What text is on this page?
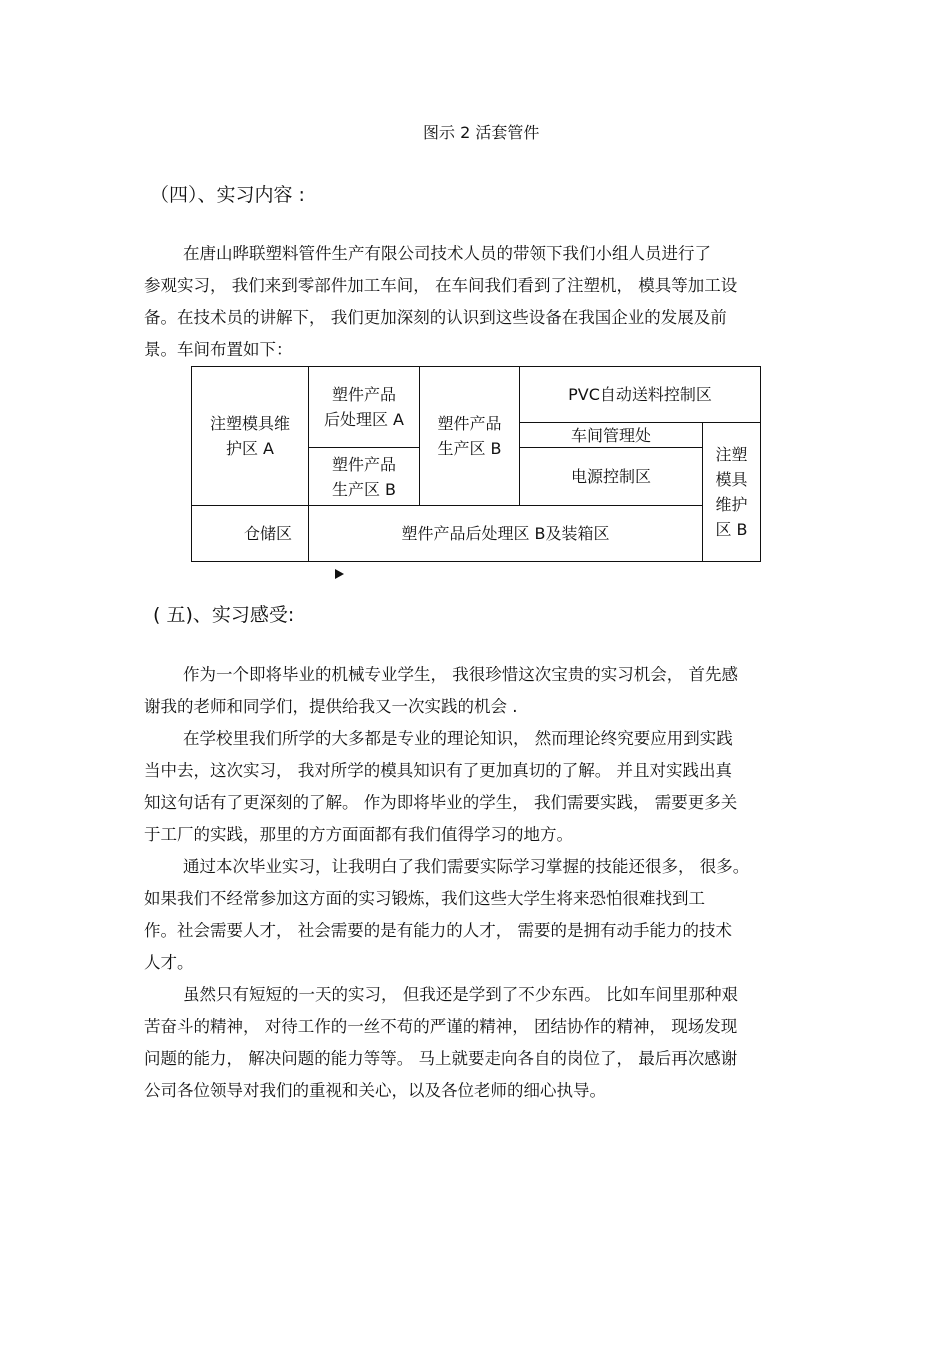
图示 2 活套管件
（四）、实习内容 :
在唐山晔联塑料管件生产有限公司技术人员的带领下我们小组人员进行了
参观实习， 我们来到零部件加工车间， 在车间我们看到了注塑机， 模具等加工设
备。在技术员的讲解下， 我们更加深刻的认识到这些设备在我国企业的发展及前
景。车间布置如下：
注塑模具维
护区 A
塑件产品
后处理区 A
塑件产品
生产区 B
塑件产品
生产区 B
PVC自动送料控制区
车间管理处
电源控制区
注塑
模具
维护
区 B
仓储区	塑件产品后处理区 B及装箱区
( 五)、实习感受:
作为一个即将毕业的机械专业学生， 我很珍惜这次宝贵的实习机会， 首先感
谢我的老师和同学们，提供给我又一次实践的机会 .
在学校里我们所学的大多都是专业的理论知识， 然而理论终究要应用到实践
当中去，这次实习， 我对所学的模具知识有了更加真切的了解。 并且对实践出真
知这句话有了更深刻的了解。 作为即将毕业的学生， 我们需要实践， 需要更多关
于工厂的实践，那里的方方面面都有我们值得学习的地方。
通过本次毕业实习，让我明白了我们需要实际学习掌握的技能还很多， 很多。
如果我们不经常参加这方面的实习锻炼，我们这些大学生将来恐怕很难找到工
作。社会需要人才， 社会需要的是有能力的人才， 需要的是拥有动手能力的技术
人才。
虽然只有短短的一天的实习， 但我还是学到了不少东西。 比如车间里那种艰
苦奋斗的精神， 对待工作的一丝不苟的严谨的精神， 团结协作的精神， 现场发现
问题的能力， 解决问题的能力等等。 马上就要走向各自的岗位了， 最后再次感谢
公司各位领导对我们的重视和关心，以及各位老师的细心执导。
